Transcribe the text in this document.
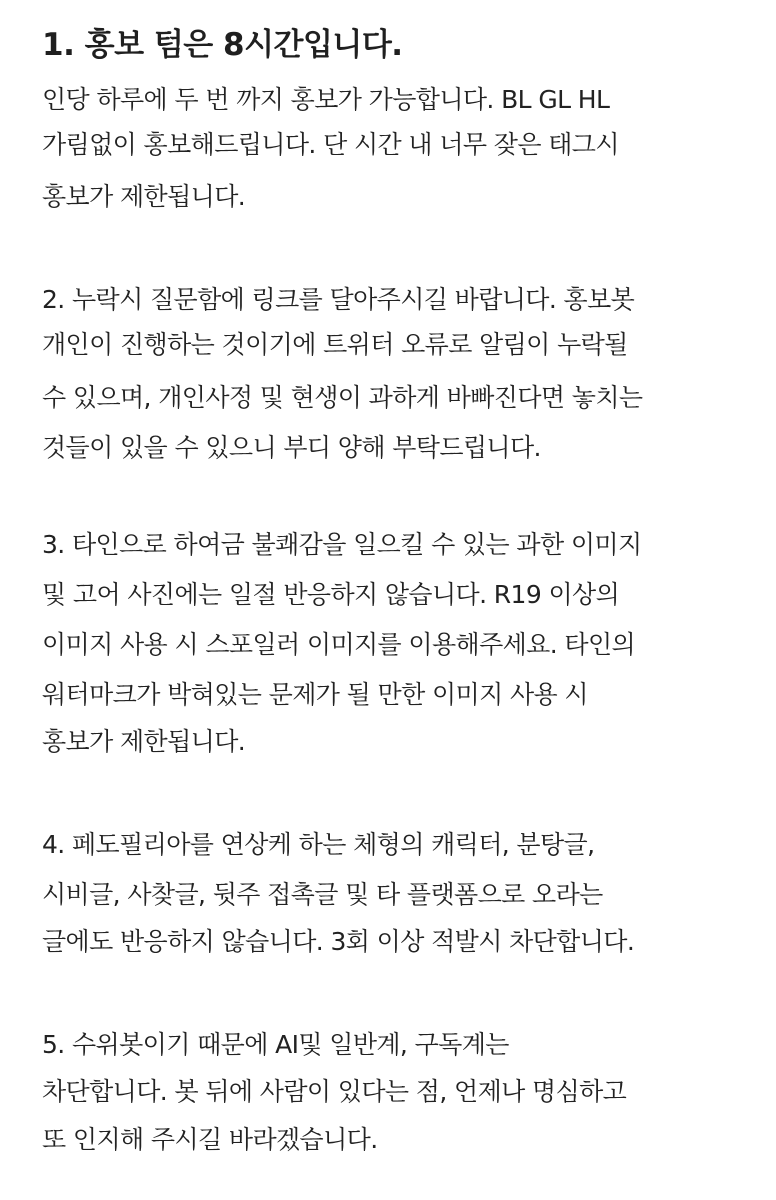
1. 홍보 텀은 8시간입니다.
인당 하루에 두 번 까지 홍보가 가능합니다. BL GL HL
가림없이 홍보해드립니다. 단 시간 내 너무 잦은 태그시
홍보가 제한됩니다.
2. 누락시 질문함에 링크를 달아주시길 바랍니다. 홍보봇
개인이 진행하는 것이기에 트위터 오류로 알림이 누락될
수 있으며, 개인사정 및 현생이 과하게 바빠진다면 놓치는
것들이 있을 수 있으니 부디 양해 부탁드립니다.
3. 타인으로 하여금 불쾌감을 일으킬 수 있는 과한 이미지
및 고어 사진에는 일절 반응하지 않습니다. R19 이상의
이미지 사용 시 스포일러 이미지를 이용해주세요. 타인의
워터마크가 박혀있는 문제가 될 만한 이미지 사용 시
홍보가 제한됩니다.
4. 페도필리아를 연상케 하는 체형의 캐릭터, 분탕글,
시비글, 사찾글, 뒷주 접촉글 및 타 플랫폼으로 오라는
글에도 반응하지 않습니다. 3회 이상 적발시 차단합니다.
5. 수위봇이기 때문에 AI및 일반계, 구독계는
차단합니다. 봇 뒤에 사람이 있다는 점, 언제나 명심하고
또 인지해 주시길 바라겠습니다.
